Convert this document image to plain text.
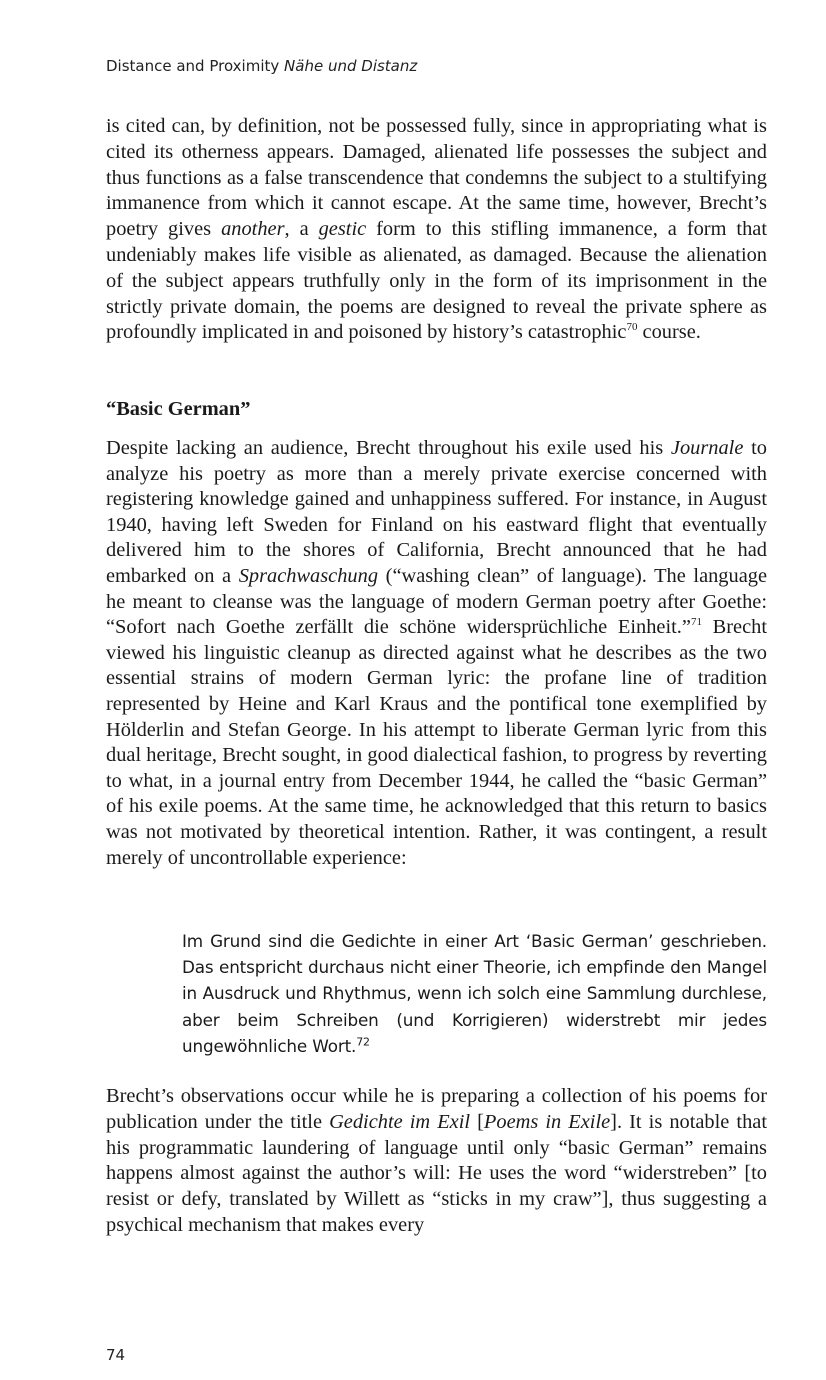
Distance and Proximity Nähe und Distanz

is cited can, by definition, not be possessed fully, since in appropriating what is cited its otherness appears. Damaged, alienated life possesses the subject and thus functions as a false transcendence that condemns the subject to a stultifying immanence from which it cannot escape. At the same time, however, Brecht’s poetry gives another, a gestic form to this stifling immanence, a form that undeniably makes life visible as alienated, as damaged. Because the alienation of the subject appears truthfully only in the form of its imprisonment in the strictly private domain, the poems are designed to reveal the private sphere as profoundly implicated in and poisoned by history’s catastrophic$^{70}$ course.

“Basic German”

Despite lacking an audience, Brecht throughout his exile used his Journale to analyze his poetry as more than a merely private exercise concerned with registering knowledge gained and unhappiness suffered. For instance, in August 1940, having left Sweden for Finland on his eastward flight that eventually delivered him to the shores of California, Brecht announced that he had embarked on a Sprachwaschung (“washing clean” of language). The language he meant to cleanse was the language of modern German poetry after Goethe: “Sofort nach Goethe zerfällt die schöne widersprüchliche Einheit.”$^{71}$ Brecht viewed his linguistic cleanup as directed against what he describes as the two essential strains of modern German lyric: the profane line of tradition represented by Heine and Karl Kraus and the pontifical tone exemplified by Hölderlin and Stefan George. In his attempt to liberate German lyric from this dual heritage, Brecht sought, in good dialectical fashion, to progress by reverting to what, in a journal entry from December 1944, he called the “basic German” of his exile poems. At the same time, he acknowledged that this return to basics was not motivated by theoretical intention. Rather, it was contingent, a result merely of uncontrollable experience:

Im Grund sind die Gedichte in einer Art ‘Basic German’ geschrieben. Das entspricht durchaus nicht einer Theorie, ich empfinde den Mangel in Ausdruck und Rhythmus, wenn ich solch eine Sammlung durchlese, aber beim Schreiben (und Korrigieren) widerstrebt mir jedes ungewöhnliche Wort.$^{72}$

Brecht’s observations occur while he is preparing a collection of his poems for publication under the title Gedichte im Exil [Poems in Exile]. It is notable that his programmatic laundering of language until only “basic German” remains happens almost against the author’s will: He uses the word “widerstreben” [to resist or defy, translated by Willett as “sticks in my craw”], thus suggesting a psychical mechanism that makes every

74
